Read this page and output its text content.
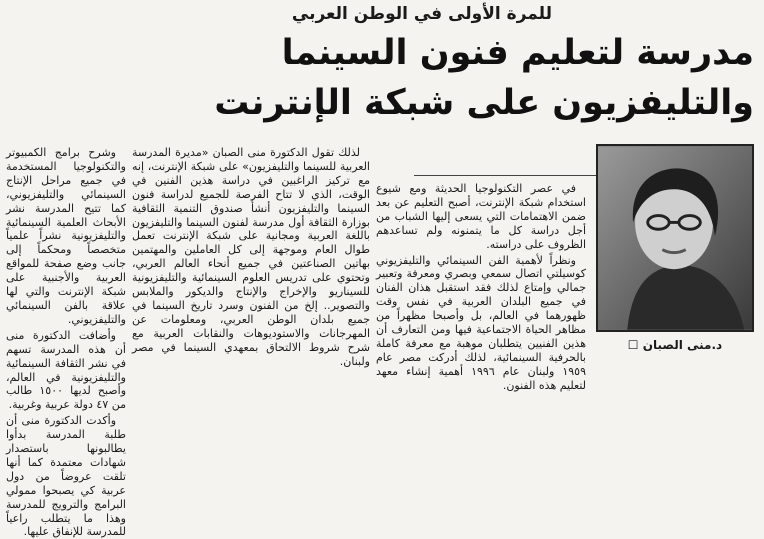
للمرة الأولى في الوطن العربي
مدرسة لتعليم فنون السينما
والتليفزيون على شبكة الإنترنت
د.منى الصبان ☐

في عصر التكنولوجيا الحديثة ومع شيوع استخدام شبكة الإنترنت، أصبح التعليم عن بعد ضمن الاهتمامات التي يسعى إليها الشباب من أجل دراسة كل ما يتمنونه ولم تساعدهم الظروف على دراسته.

ونظراً لأهمية الفن السينمائي والتليفزيوني كوسيلتي اتصال سمعي وبصري ومعرفة وتعبير جمالي وإمتاع لذلك فقد استقبل هذان الفنان في جميع البلدان العربية في نفس وقت ظهورهما في العالم، بل وأصبحا مظهراً من مظاهر الحياة الاجتماعية فيها ومن التعارف أن هذين الفنيين يتطلبان موهبة مع معرفة كاملة بالحرفية السينمائية، لذلك أدركت مصر عام ١٩٥٩ ولبنان عام ١٩٩٦ أهمية إنشاء معهد لتعليم هذه الفنون.

لذلك تقول الدكتورة منى الصبان «مديرة المدرسة العربية للسينما والتليفزيون» على شبكة الإنترنت، إنه مع تركيز الراغبين في دراسة هذين الفنين في الوقت، الذي لا تتاح الفرصة للجميع لدراسة فنون السينما والتليفزيون أنشأ صندوق التنمية الثقافية بوزارة الثقافة أول مدرسة لفنون السينما والتليفزيون باللغة العربية ومجانية على شبكة الإنترنت تعمل طوال العام وموجهة إلى كل العاملين والمهتمين بهاتين الصناعتين في جميع أنحاء العالم العربي، وتحتوي على تدريس العلوم السينمائية والتليفزيونية للسيناريو والإخراج والإنتاج والديكور والملابس والتصوير.. إلخ من الفنون وسرد تاريخ السينما في جميع بلدان الوطن العربي، ومعلومات عن المهرجانات والاستوديوهات والنقابات العربية مع شرح شروط الالتحاق بمعهدي السينما في مصر ولبنان.

وشرح برامج الكمبيوتر والتكنولوجيا المستخدمة في جميع مراحل الإنتاج السينمائي والتليفزيوني، كما تتيح المدرسة نشر الأبحاث العلمية السينمائية والتليفزيونية نشراً علمياً متخصصاً ومحكماً إلى جانب وضع صفحة للمواقع العربية والأجنبية على شبكة الإنترنت والتي لها علاقة بالفن السينمائي والتليفزيوني.

وأضافت الدكتورة منى أن هذه المدرسة تسهم في نشر الثقافة السينمائية والتليفزيونية في العالم، وأصبح لديها ١٥٠٠ طالب من ٤٧ دولة عربية وغربية.

وأكدت الدكتورة منى أن طلبة المدرسة بدأوا يطالبونها باستصدار شهادات معتمدة كما أنها تلقت عروضاً من دول عربية كي يصبحوا ممولي البرامج والترويج للمدرسة وهذا ما يتطلب راعياً للمدرسة للإنفاق عليها.
